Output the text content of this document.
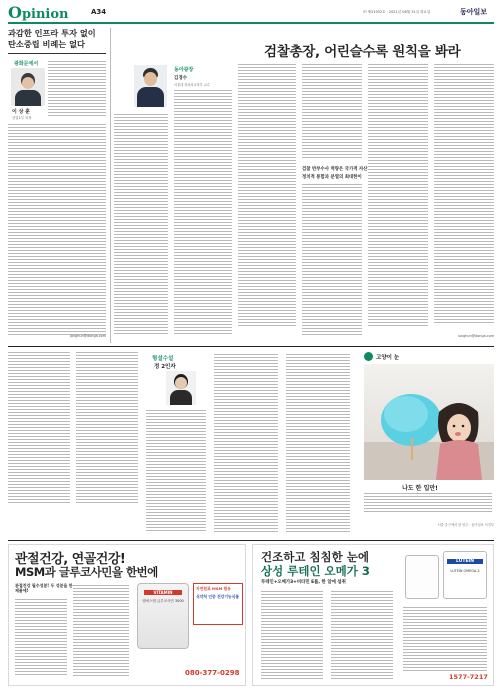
Opinion	A34	㈜ 제31932호 · 2021년 08월 31일 화요일	동아일보
과감한 인프라 투자 없이
탄소중립 비례는 없다
광화문에서
이 상 훈
산업1부 차장
janghun@donga.com
검찰총장, 어린슬수록 원칙을 봐라
동아광장
김경수
서울대 정치외교학부 교수
검찰 반부수사 역량은 국가적 자산
정치적 통합과 분열의 최대한이
iunghun@donga.com
형설수설
정 2인자
고양이 눈
나도 한 입만!
서울 중구에서 한 양주 · 동아일보 사진부
관절건강, 연골건강!
MSM과 글루코사민을 한번에
관절건강 필수성분! 두 성분을 한 제품에!	VITAMIN
엠에스엠 글루코사민 3000
자연원료 MSM 함유
식약처 인증 건강기능식품
080-377-0298
건조하고 침침한 눈에
상성 루테인 오메가 3
루테인+오메가3+비타민 E를, 한 알에 섭취
LUTEIN
LUTEIN OMEGA-3
1577-7217
